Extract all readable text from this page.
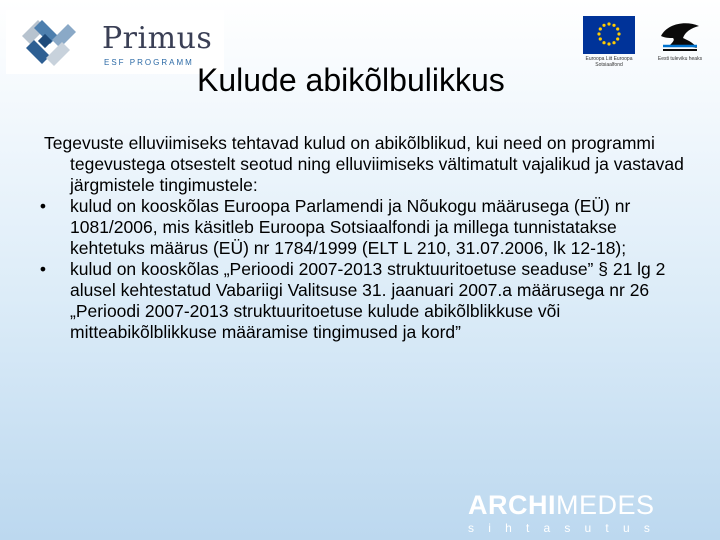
Primus
ESF PROGRAMM	Euroopa Liit Euroopa Sotsiaalfond
Eesti tuleviku heaks
Kulude abikõlbulikkus

Tegevuste elluviimiseks tehtavad kulud on abikõlblikud, kui need on programmi tegevustega otsestelt seotud ning elluviimiseks vältimatult vajalikud ja vastavad järgmistele tingimustele:

• kulud on kooskõlas Euroopa Parlamendi ja Nõukogu määrusega (EÜ) nr 1081/2006, mis käsitleb Euroopa Sotsiaalfondi ja millega tunnistatakse kehtetuks määrus (EÜ) nr 1784/1999 (ELT L 210, 31.07.2006, lk 12-18);
• kulud on kooskõlas „Perioodi 2007-2013 struktuuritoetuse seaduse” § 21 lg 2 alusel kehtestatud Vabariigi Valitsuse 31. jaanuari 2007.a määrusega nr 26 „Perioodi 2007-2013 struktuuritoetuse kulude abikõlblikkuse või mitteabikõlblikkuse määramise tingimused ja kord”
ARCHIMEDES
sihtasutus
